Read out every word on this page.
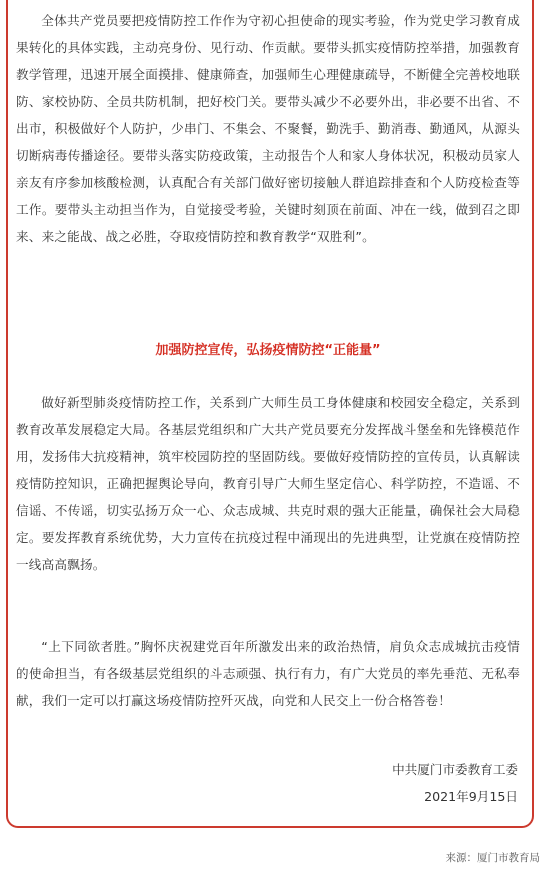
全体共产党员要把疫情防控工作作为守初心担使命的现实考验，作为党史学习教育成果转化的具体实践，主动亮身份、见行动、作贡献。要带头抓实疫情防控举措，加强教育教学管理，迅速开展全面摸排、健康筛查，加强师生心理健康疏导，不断健全完善校地联防、家校协防、全员共防机制，把好校门关。要带头减少不必要外出，非必要不出省、不出市，积极做好个人防护，少串门、不集会、不聚餐，勤洗手、勤消毒、勤通风，从源头切断病毒传播途径。要带头落实防疫政策，主动报告个人和家人身体状况，积极动员家人亲友有序参加核酸检测，认真配合有关部门做好密切接触人群追踪排查和个人防疫检查等工作。要带头主动担当作为，自觉接受考验，关键时刻顶在前面、冲在一线，做到召之即来、来之能战、战之必胜，夺取疫情防控和教育教学“双胜利”。

加强防控宣传，弘扬疫情防控“正能量”

做好新型肺炎疫情防控工作，关系到广大师生员工身体健康和校园安全稳定，关系到教育改革发展稳定大局。各基层党组织和广大共产党员要充分发挥战斗堡垒和先锋模范作用，发扬伟大抗疫精神，筑牢校园防控的坚固防线。要做好疫情防控的宣传员，认真解读疫情防控知识，正确把握舆论导向，教育引导广大师生坚定信心、科学防控，不造谣、不信谣、不传谣，切实弘扬万众一心、众志成城、共克时艰的强大正能量，确保社会大局稳定。要发挥教育系统优势，大力宣传在抗疫过程中涌现出的先进典型，让党旗在疫情防控一线高高飘扬。

“上下同欲者胜。”胸怀庆祝建党百年所激发出来的政治热情，肩负众志成城抗击疫情的使命担当，有各级基层党组织的斗志顽强、执行有力，有广大党员的率先垂范、无私奉献，我们一定可以打赢这场疫情防控歼灭战，向党和人民交上一份合格答卷！

中共厦门市委教育工委

2021年9月15日

来源：厦门市教育局
